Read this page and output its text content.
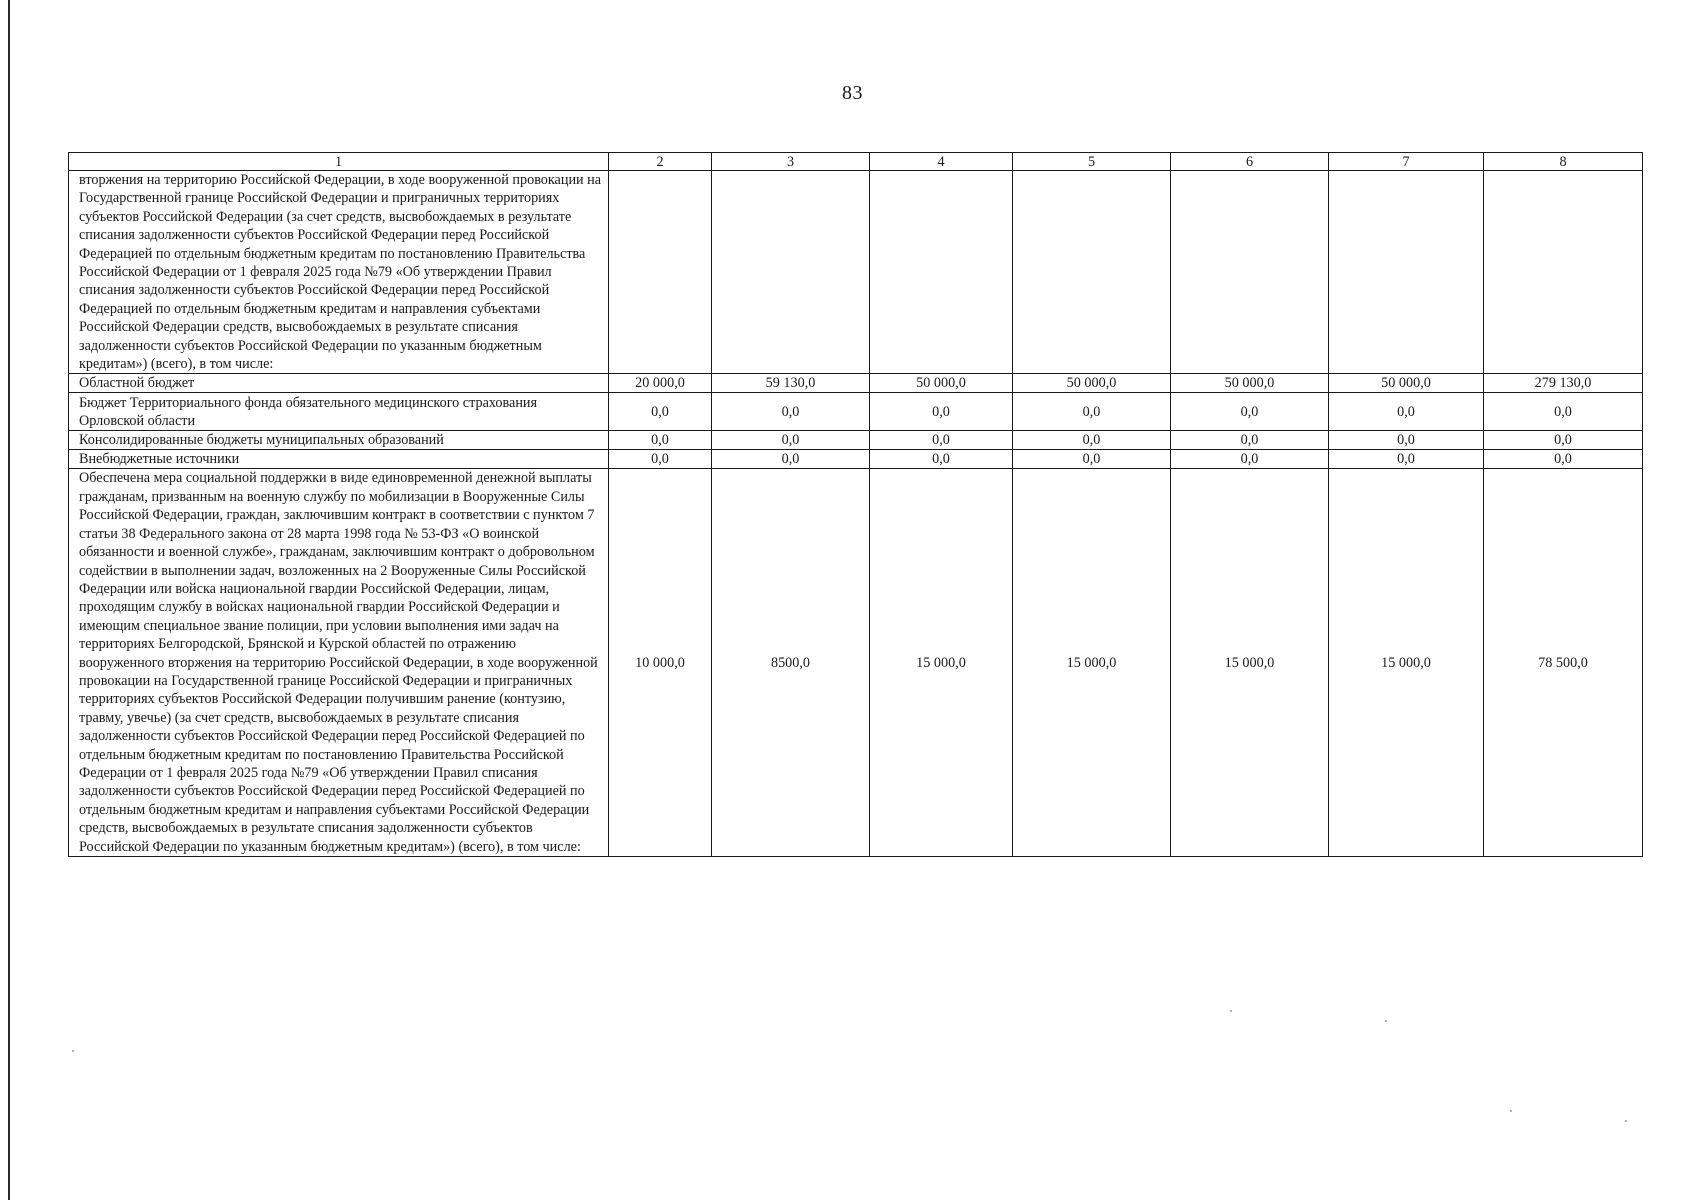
83
1	2	3	4	5	6	7	8
вторжения на территорию Российской Федерации, в ходе вооруженной провокации на Государственной границе Российской Федерации и приграничных территориях субъектов Российской Федерации (за счет средств, высвобождаемых в результате списания задолженности субъектов Российской Федерации перед Российской Федерацией по отдельным бюджетным кредитам по постановлению Правительства Российской Федерации от 1 февраля 2025 года №79 «Об утверждении Правил списания задолженности субъектов Российской Федерации перед Российской Федерацией по отдельным бюджетным кредитам и направления субъектами Российской Федерации средств, высвобождаемых в результате списания задолженности субъектов Российской Федерации по указанным бюджетным кредитам») (всего), в том числе:							
Областной бюджет	20 000,0	59 130,0	50 000,0	50 000,0	50 000,0	50 000,0	279 130,0
Бюджет Территориального фонда обязательного медицинского страхования Орловской области	0,0	0,0	0,0	0,0	0,0	0,0	0,0
Консолидированные бюджеты муниципальных образований	0,0	0,0	0,0	0,0	0,0	0,0	0,0
Внебюджетные источники	0,0	0,0	0,0	0,0	0,0	0,0	0,0
Обеспечена мера социальной поддержки в виде единовременной денежной выплаты гражданам, призванным на военную службу по мобилизации в Вооруженные Силы Российской Федерации, граждан, заключившим контракт в соответствии с пунктом 7 статьи 38 Федерального закона от 28 марта 1998 года № 53-ФЗ «О воинской обязанности и военной службе», гражданам, заключившим контракт о добровольном содействии в выполнении задач, возложенных на 2 Вооруженные Силы Российской Федерации или войска национальной гвардии Российской Федерации, лицам, проходящим службу в войсках национальной гвардии Российской Федерации и имеющим специальное звание полиции, при условии выполнения ими задач на территориях Белгородской, Брянской и Курской областей по отражению вооруженного вторжения на территорию Российской Федерации, в ходе вооруженной провокации на Государственной границе Российской Федерации и приграничных территориях субъектов Российской Федерации получившим ранение (контузию, травму, увечье) (за счет средств, высвобождаемых в результате списания задолженности субъектов Российской Федерации перед Российской Федерацией по отдельным бюджетным кредитам по постановлению Правительства Российской Федерации от 1 февраля 2025 года №79 «Об утверждении Правил списания задолженности субъектов Российской Федерации перед Российской Федерацией по отдельным бюджетным кредитам и направления субъектами Российской Федерации средств, высвобождаемых в результате списания задолженности субъектов Российской Федерации по указанным бюджетным кредитам») (всего), в том числе:	10 000,0	8500,0	15 000,0	15 000,0	15 000,0	15 000,0	78 500,0
